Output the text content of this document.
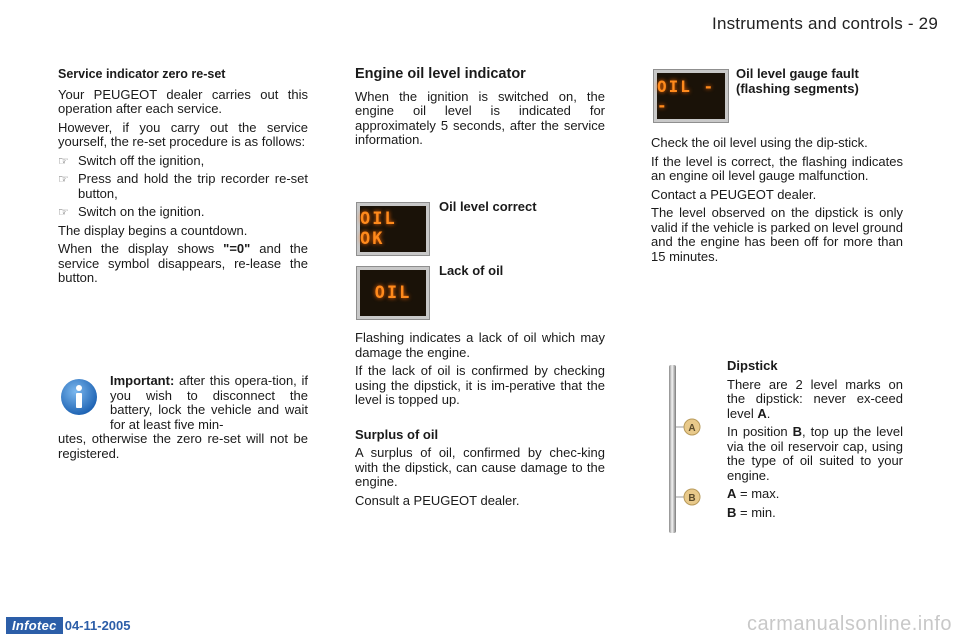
Instruments and controls - 29

Service indicator zero re-set

Your PEUGEOT dealer carries out this operation after each service.

However, if you carry out the service yourself, the re-set procedure is as follows:

☞ Switch off the ignition,
☞ Press and hold the trip recorder re-set button,
☞ Switch on the ignition.

The display begins a countdown.

When the display shows "=0" and the service symbol disappears, re-lease the button.

Important: after this opera-tion, if you wish to disconnect the battery, lock the vehicle and wait for at least five min-
utes, otherwise the zero re-set will not be registered.

Engine oil level indicator

When the ignition is switched on, the engine oil level is indicated for approximately 5 seconds, after the service information.

OIL OK
Oil level correct
OIL
Lack of oil

Flashing indicates a lack of oil which may damage the engine.

If the lack of oil is confirmed by checking using the dipstick, it is im-perative that the level is topped up.

Surplus of oil

A surplus of oil, confirmed by chec-king with the dipstick, can cause damage to the engine.

Consult a PEUGEOT dealer.

OIL --
Oil level gauge fault (flashing segments)

Check the oil level using the dip-stick.

If the level is correct, the flashing indicates an engine oil level gauge malfunction.

Contact a PEUGEOT dealer.

The level observed on the dipstick is only valid if the vehicle is parked on level ground and the engine has been off for more than 15 minutes.

A
B

Dipstick

There are 2 level marks on the dipstick: never ex-ceed level A.

In position B, top up the level via the oil reservoir cap, using the type of oil suited to your engine.

A = max.

B = min.

Infotec 04-11-2005	carmanualsonline.info
